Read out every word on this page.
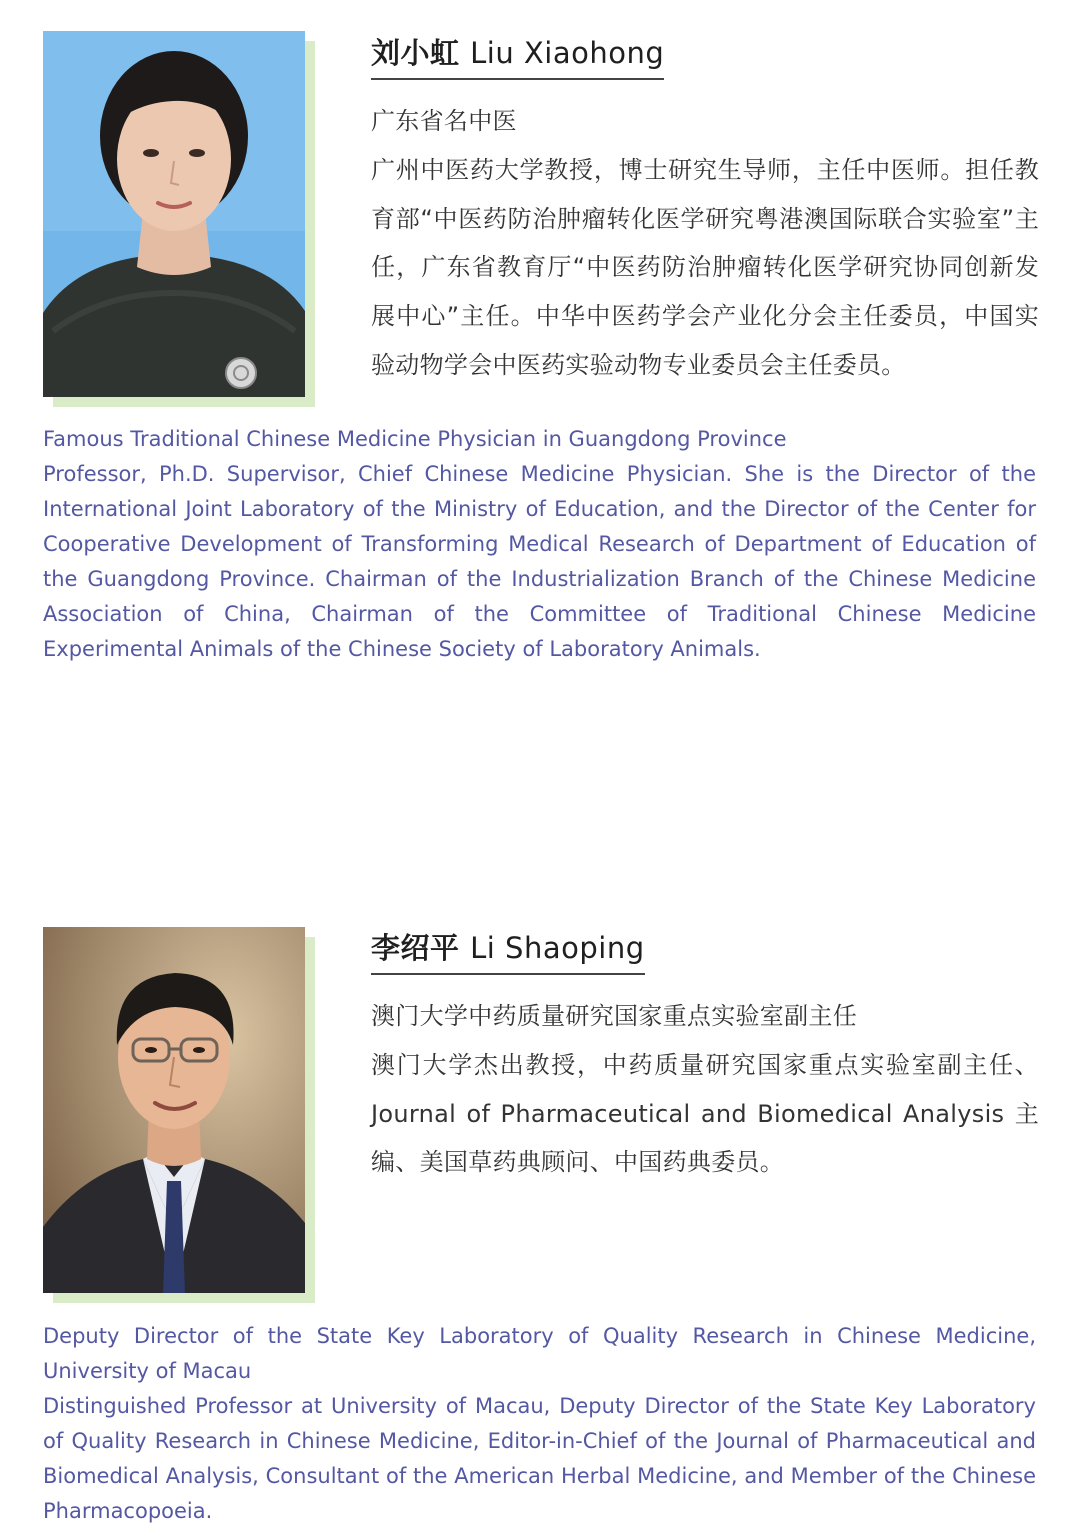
刘小虹 Liu Xiaohong

广东省名中医

广州中医药大学教授，博士研究生导师，主任中医师。担任教育部“中医药防治肿瘤转化医学研究粤港澳国际联合实验室”主任，广东省教育厅“中医药防治肿瘤转化医学研究协同创新发展中心”主任。中华中医药学会产业化分会主任委员，中国实验动物学会中医药实验动物专业委员会主任委员。

Famous Traditional Chinese Medicine Physician in Guangdong Province

Professor, Ph.D. Supervisor, Chief Chinese Medicine Physician. She is the Director of the International Joint Laboratory of the Ministry of Education, and the Director of the Center for Cooperative Development of Transforming Medical Research of Department of Education of the Guangdong Province. Chairman of the Industrialization Branch of the Chinese Medicine Association of China, Chairman of the Committee of Traditional Chinese Medicine Experimental Animals of the Chinese Society of Laboratory Animals.

李绍平 Li Shaoping

澳门大学中药质量研究国家重点实验室副主任

澳门大学杰出教授，中药质量研究国家重点实验室副主任、Journal of Pharmaceutical and Biomedical Analysis 主编、美国草药典顾问、中国药典委员。

Deputy Director of the State Key Laboratory of Quality Research in Chinese Medicine, University of Macau

Distinguished Professor at University of Macau, Deputy Director of the State Key Laboratory of Quality Research in Chinese Medicine, Editor-in-Chief of the Journal of Pharmaceutical and Biomedical Analysis, Consultant of the American Herbal Medicine, and Member of the Chinese Pharmacopoeia.
